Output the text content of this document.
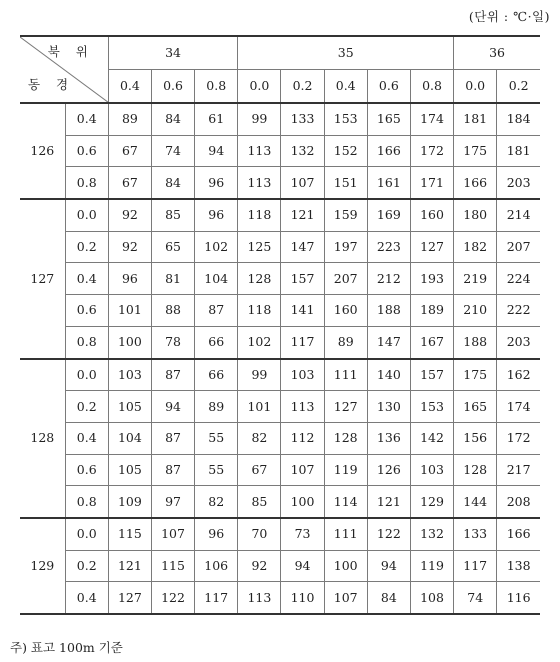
(단위 : ℃·일)
북 위
동 경		34			35					36	
		0.4	0.6	0.8	0.0	0.2	0.4	0.6	0.8	0.0	0.2
126	0.4	89	84	61	99	133	153	165	174	181	184
	0.6	67	74	94	113	132	152	166	172	175	181
	0.8	67	84	96	113	107	151	161	171	166	203
127	0.0	92	85	96	118	121	159	169	160	180	214
	0.2	92	65	102	125	147	197	223	127	182	207
	0.4	96	81	104	128	157	207	212	193	219	224
	0.6	101	88	87	118	141	160	188	189	210	222
	0.8	100	78	66	102	117	89	147	167	188	203
128	0.0	103	87	66	99	103	111	140	157	175	162
	0.2	105	94	89	101	113	127	130	153	165	174
	0.4	104	87	55	82	112	128	136	142	156	172
	0.6	105	87	55	67	107	119	126	103	128	217
	0.8	109	97	82	85	100	114	121	129	144	208
129	0.0	115	107	96	70	73	111	122	132	133	166
	0.2	121	115	106	92	94	100	94	119	117	138
	0.4	127	122	117	113	110	107	84	108	74	116
주) 표고 100m 기준
